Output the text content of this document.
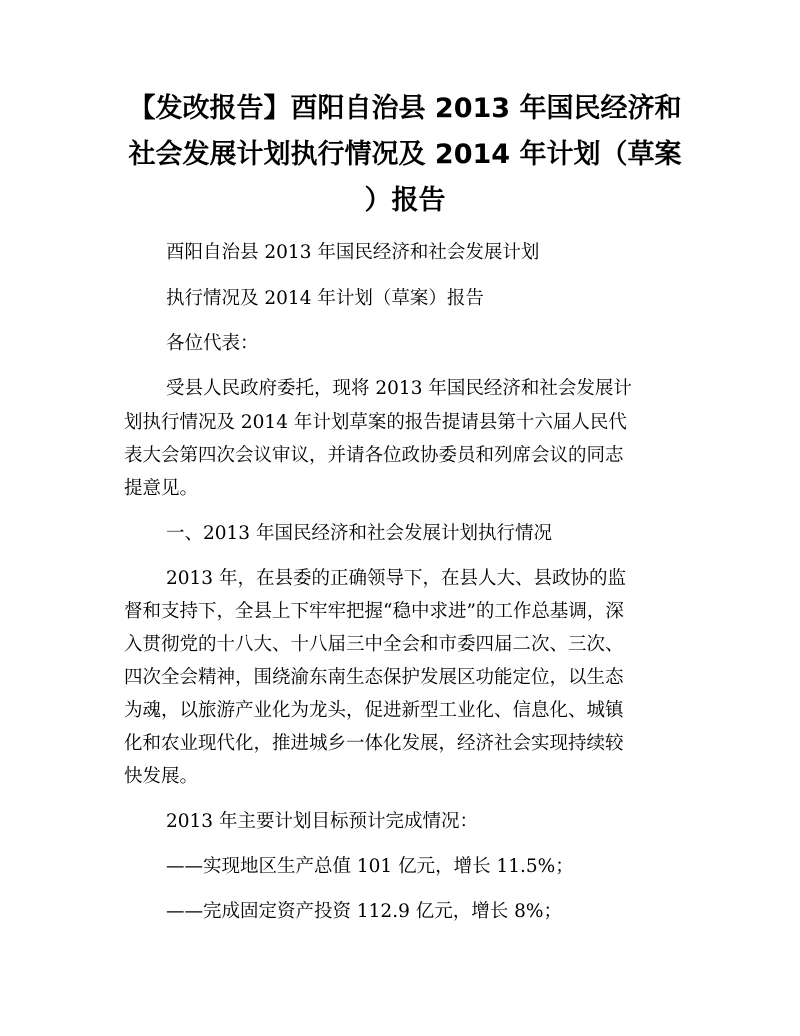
【发改报告】酉阳自治县 2013 年国民经济和
社会发展计划执行情况及 2014 年计划（草案
）报告
酉阳自治县 2013 年国民经济和社会发展计划
执行情况及 2014 年计划（草案）报告
各位代表：
受县人民政府委托，现将 2013 年国民经济和社会发展计
划执行情况及 2014 年计划草案的报告提请县第十六届人民代
表大会第四次会议审议，并请各位政协委员和列席会议的同志
提意见。
一、2013 年国民经济和社会发展计划执行情况
2013 年，在县委的正确领导下，在县人大、县政协的监
督和支持下，全县上下牢牢把握“稳中求进”的工作总基调，深
入贯彻党的十八大、十八届三中全会和市委四届二次、三次、
四次全会精神，围绕渝东南生态保护发展区功能定位，以生态
为魂，以旅游产业化为龙头，促进新型工业化、信息化、城镇
化和农业现代化，推进城乡一体化发展，经济社会实现持续较
快发展。
2013 年主要计划目标预计完成情况：
——实现地区生产总值 101 亿元，增长 11.5%；
——完成固定资产投资 112.9 亿元，增长 8%；
